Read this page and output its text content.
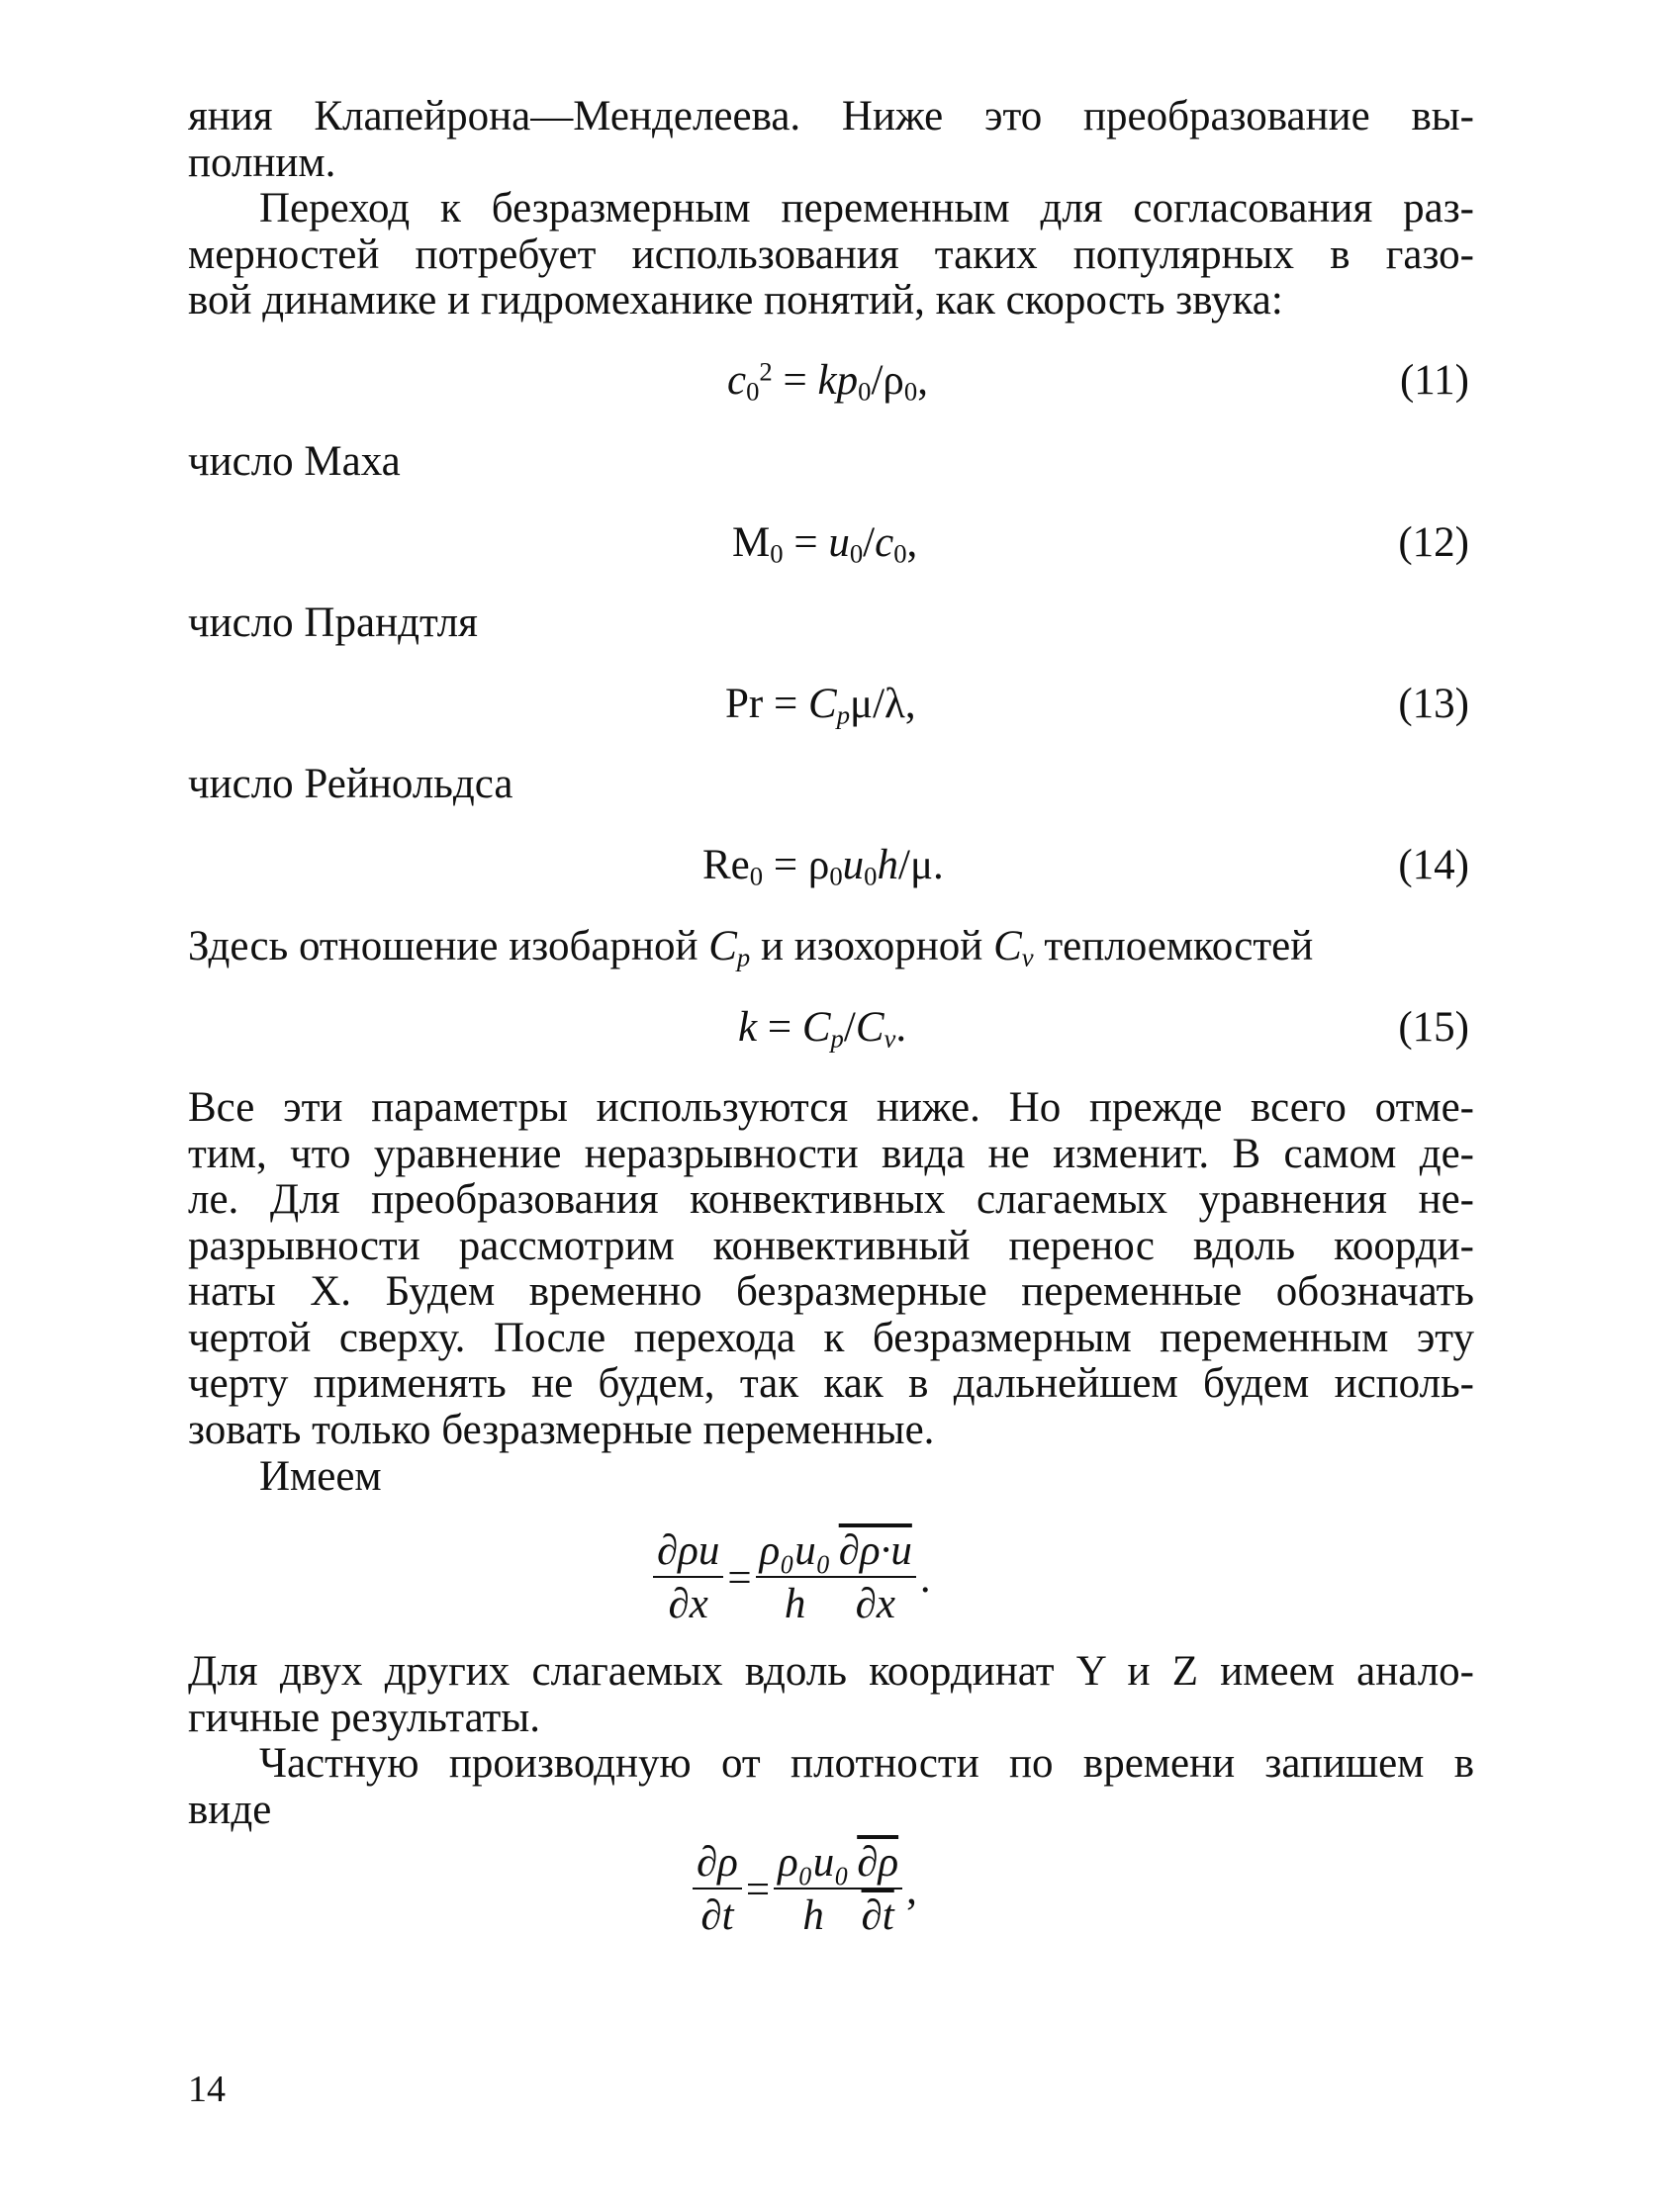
яния Клапейрона—Менделеева. Ниже это преобразование вы-
полним.

Переход к безразмерным переменным для согласования раз-
мерностей потребует использования таких популярных в газо-
вой динамике и гидромеханике понятий, как скорость звука:

$c_0^2 = kp_0/\rho_0$,	(11)
число Маха
$M_0 = u_0/c_0$,	(12)
число Прандтля
$Pr = C_p\mu/\lambda$,	(13)
число Рейнольдса
$Re_0 = \rho_0u_0h/\mu$.	(14)
Здесь отношение изобарной $C_p$ и изохорной $C_v$ теплоемкостей
$k = C_p/C_v$.	(15)

Все эти параметры используются ниже. Но прежде всего отме-
тим, что уравнение неразрывности вида не изменит. В самом де-
ле. Для преобразования конвективных слагаемых уравнения не-
разрывности рассмотрим конвективный перенос вдоль коорди-
наты X. Будем временно безразмерные переменные обозначать
чертой сверху. После перехода к безразмерным переменным эту
черту применять не будем, так как в дальнейшем будем исполь-
зовать только безразмерные переменные.

Имеем
$\frac{\partial\rho u}{\partial x} = \frac{\text{ρ₀u₀}}{h} \frac{\partial\rho\cdot u}{\partial x}$ .

Для двух других слагаемых вдоль координат Y и Z имеем анало-
гичные результаты.

Частную производную от плотности по времени запишем в
виде

$\frac{\partial\rho}{\partial t} = \frac{\text{ρ₀u₀}}{h} \frac{\partial\rho}{\partial t}$ ,
14
